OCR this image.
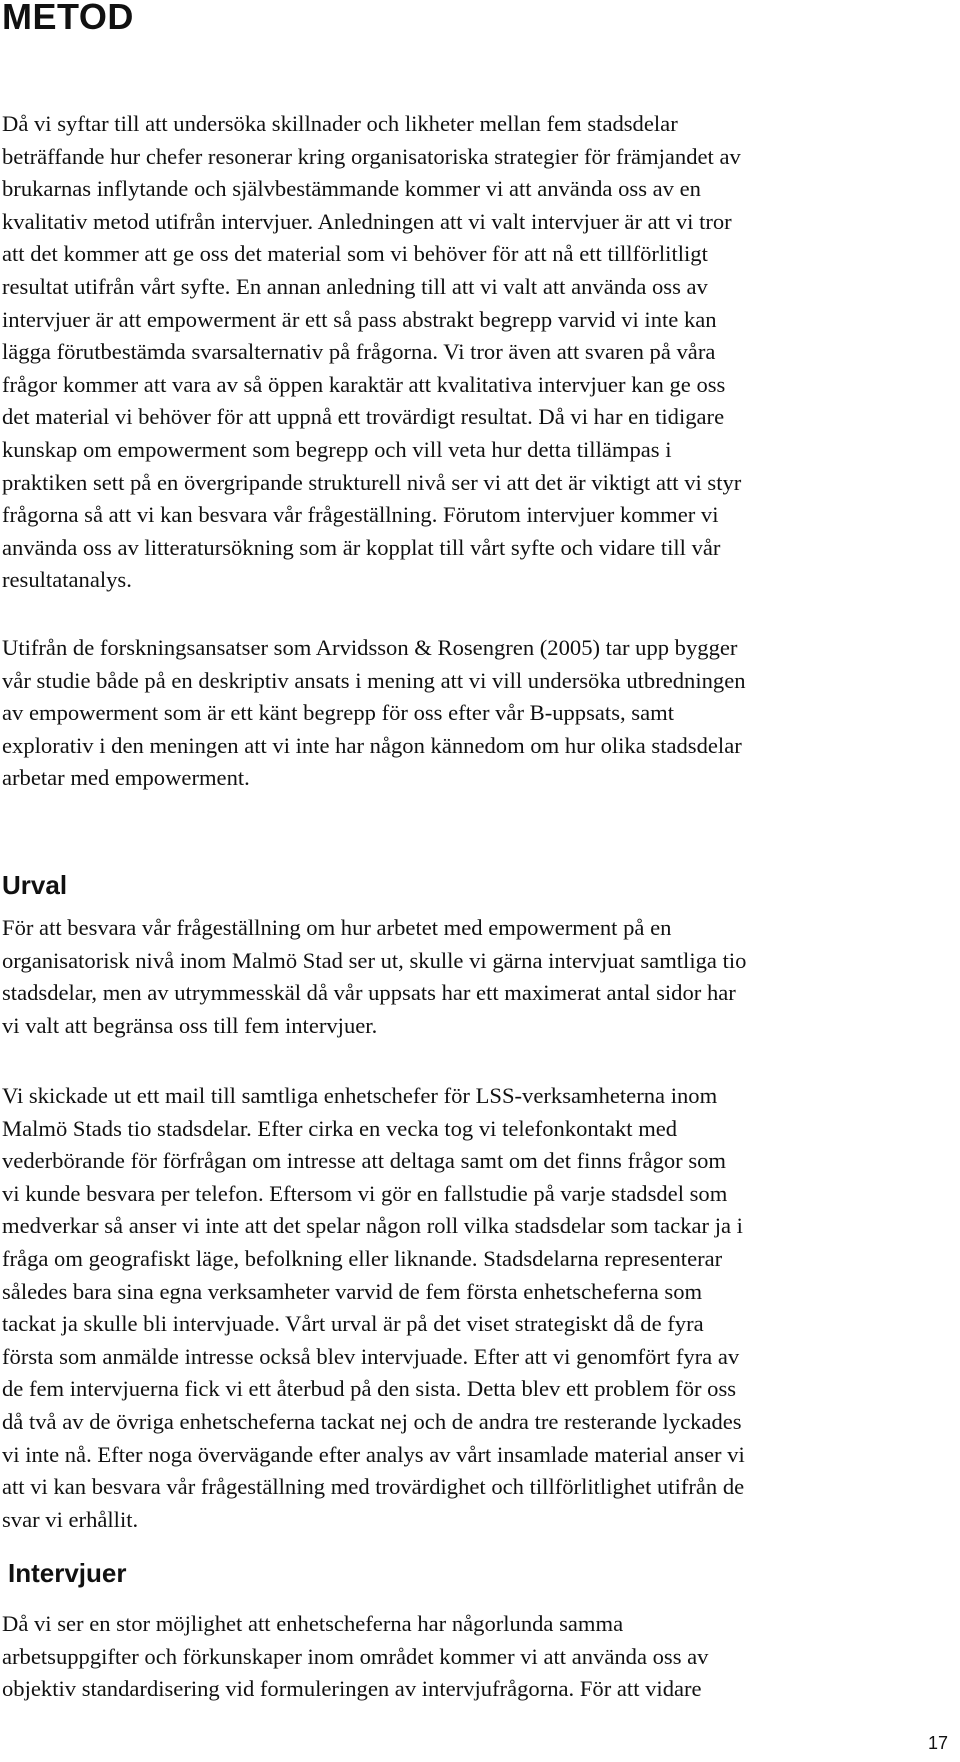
METOD

Då vi syftar till att undersöka skillnader och likheter mellan fem stadsdelar
beträffande hur chefer resonerar kring organisatoriska strategier för främjandet av
brukarnas inflytande och självbestämmande kommer vi att använda oss av en
kvalitativ metod utifrån intervjuer. Anledningen att vi valt intervjuer är att vi tror
att det kommer att ge oss det material som vi behöver för att nå ett tillförlitligt
resultat utifrån vårt syfte. En annan anledning till att vi valt att använda oss av
intervjuer är att empowerment är ett så pass abstrakt begrepp varvid vi inte kan
lägga förutbestämda svarsalternativ på frågorna. Vi tror även att svaren på våra
frågor kommer att vara av så öppen karaktär att kvalitativa intervjuer kan ge oss
det material vi behöver för att uppnå ett trovärdigt resultat. Då vi har en tidigare
kunskap om empowerment som begrepp och vill veta hur detta tillämpas i
praktiken sett på en övergripande strukturell nivå ser vi att det är viktigt att vi styr
frågorna så att vi kan besvara vår frågeställning. Förutom intervjuer kommer vi
använda oss av litteratursökning som är kopplat till vårt syfte och vidare till vår
resultatanalys.

Utifrån de forskningsansatser som Arvidsson & Rosengren (2005) tar upp bygger
vår studie både på en deskriptiv ansats i mening att vi vill undersöka utbredningen
av empowerment som är ett känt begrepp för oss efter vår B-uppsats, samt
explorativ i den meningen att vi inte har någon kännedom om hur olika stadsdelar
arbetar med empowerment.

Urval

För att besvara vår frågeställning om hur arbetet med empowerment på en
organisatorisk nivå inom Malmö Stad ser ut, skulle vi gärna intervjuat samtliga tio
stadsdelar, men av utrymmesskäl då vår uppsats har ett maximerat antal sidor har
vi valt att begränsa oss till fem intervjuer.

Vi skickade ut ett mail till samtliga enhetschefer för LSS-verksamheterna inom
Malmö Stads tio stadsdelar. Efter cirka en vecka tog vi telefonkontakt med
vederbörande för förfrågan om intresse att deltaga samt om det finns frågor som
vi kunde besvara per telefon. Eftersom vi gör en fallstudie på varje stadsdel som
medverkar så anser vi inte att det spelar någon roll vilka stadsdelar som tackar ja i
fråga om geografiskt läge, befolkning eller liknande. Stadsdelarna representerar
således bara sina egna verksamheter varvid de fem första enhetscheferna som
tackat ja skulle bli intervjuade. Vårt urval är på det viset strategiskt då de fyra
första som anmälde intresse också blev intervjuade. Efter att vi genomfört fyra av
de fem intervjuerna fick vi ett återbud på den sista. Detta blev ett problem för oss
då två av de övriga enhetscheferna tackat nej och de andra tre resterande lyckades
vi inte nå. Efter noga övervägande efter analys av vårt insamlade material anser vi
att vi kan besvara vår frågeställning med trovärdighet och tillförlitlighet utifrån de
svar vi erhållit.

Intervjuer

Då vi ser en stor möjlighet att enhetscheferna har någorlunda samma
arbetsuppgifter och förkunskaper inom området kommer vi att använda oss av
objektiv standardisering vid formuleringen av intervjufrågorna. För att vidare

17
